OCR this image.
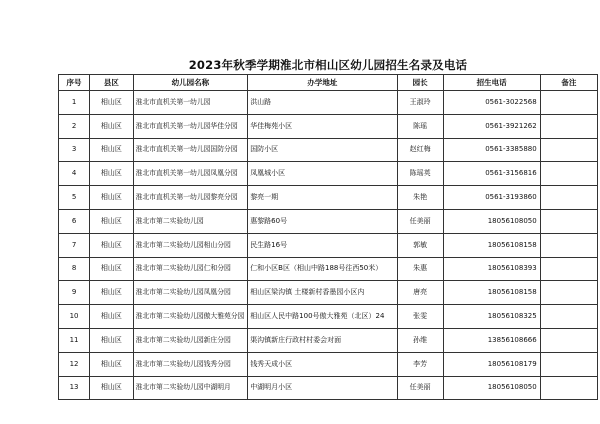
2023年秋季学期淮北市相山区幼儿园招生名录及电话
序号	县区	幼儿园名称	办学地址	园长	招生电话	备注
1	相山区	淮北市直机关第一幼儿园	洪山路	王淑玲	0561-3022568	
2	相山区	淮北市直机关第一幼儿园华佳分园	华佳梅苑小区	陈瑶	0561-3921262	
3	相山区	淮北市直机关第一幼儿园国防分园	国防小区	赵红梅	0561-3385880	
4	相山区	淮北市直机关第一幼儿园凤凰分园	凤凰城小区	陈瑶英	0561-3156816	
5	相山区	淮北市直机关第一幼儿园黎亮分园	黎亮一期	朱艳	0561-3193860	
6	相山区	淮北市第二实验幼儿园	惠黎路60号	任美丽	18056108050	
7	相山区	淮北市第二实验幼儿园相山分园	民生路16号	郭敏	18056108158	
8	相山区	淮北市第二实验幼儿园仁和分园	仁和小区B区（相山中路188号往西50米）	朱惠	18056108393	
9	相山区	淮北市第二实验幼儿园凤凰分园	相山区梁沟镇 土楼新村香墨园小区内	唐亮	18056108158	
10	相山区	淮北市第二实验幼儿园傲大雅苑分园	相山区人民中路100号傲大雅苑（北区）24	张雯	18056108325	
11	相山区	淮北市第二实验幼儿园新庄分园	渠沟镇新庄行政村村委会对面	孙维	13856108666	
12	相山区	淮北市第二实验幼儿园钱秀分园	钱秀天成小区	李芳	18056108179	
13	相山区	淮北市第二实验幼儿园中湖明月	中湖明月小区	任美丽	18056108050	
